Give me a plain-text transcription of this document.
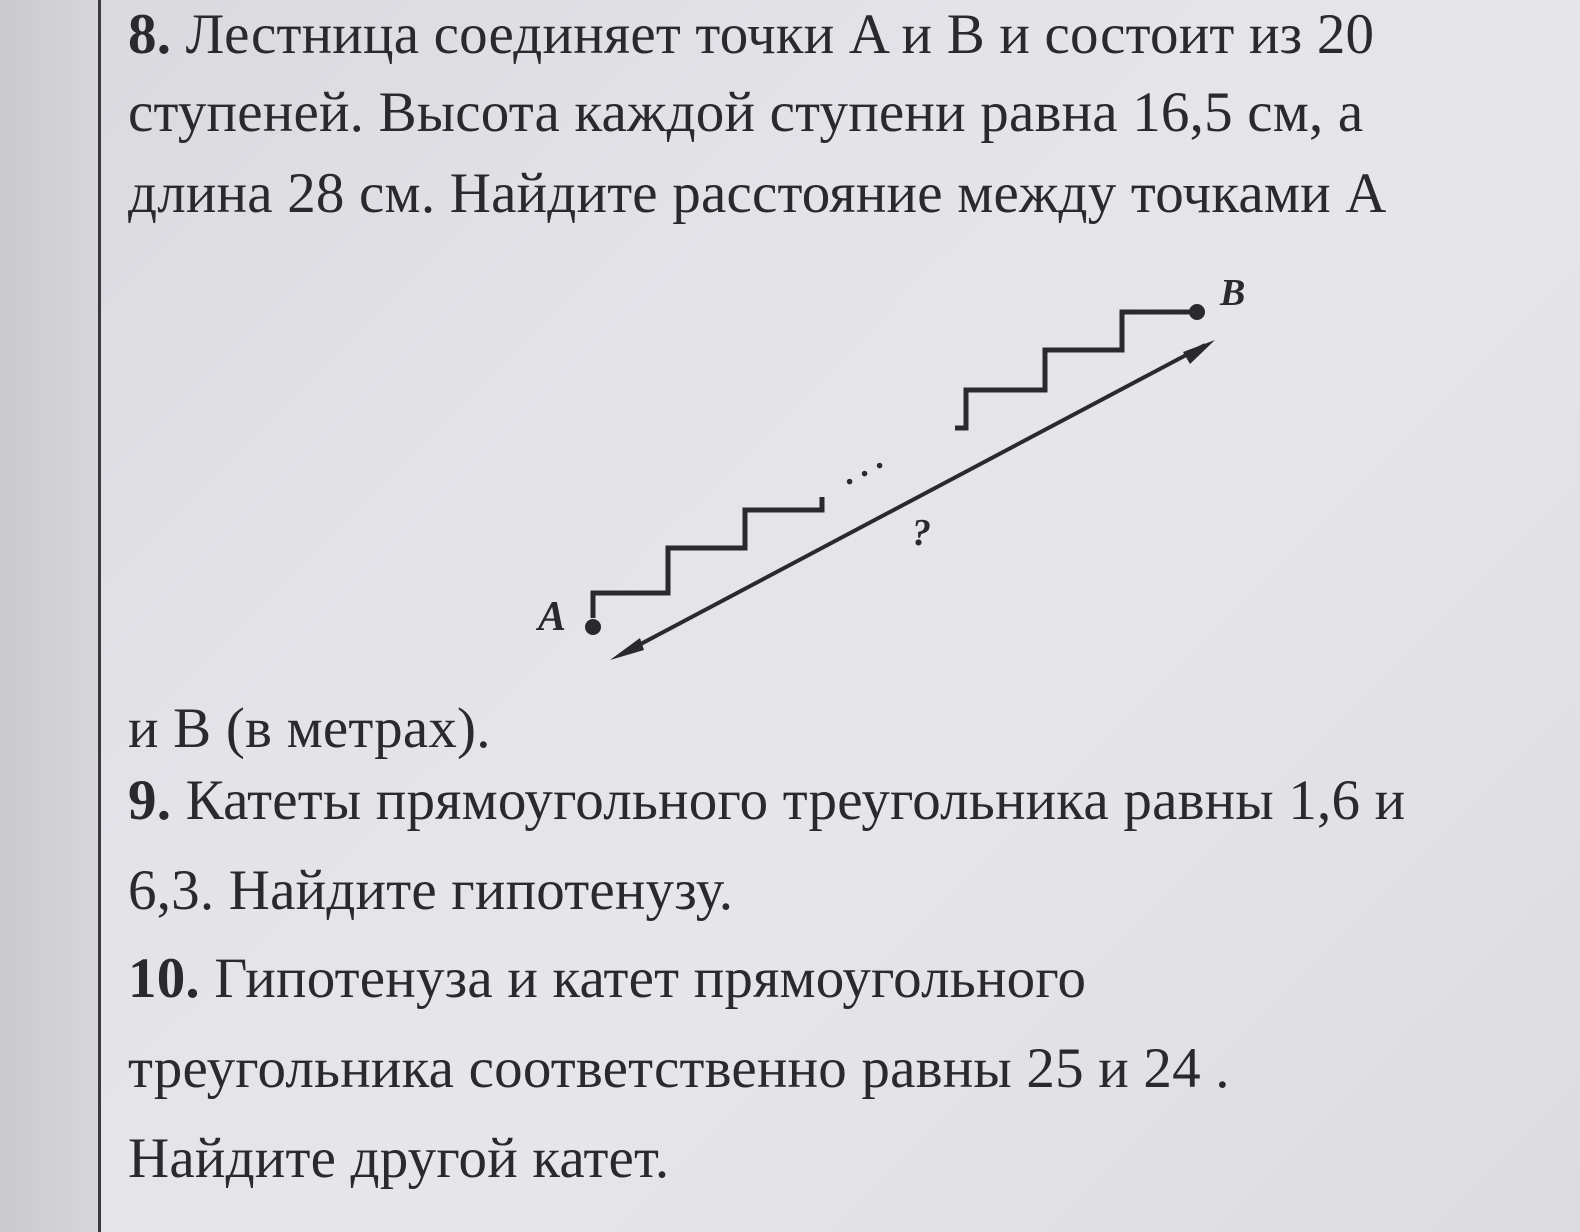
8. Лестница соединяет точки A и B и состоит из 20
ступеней. Высота каждой ступени равна 16,5 см, а
длина 28 см. Найдите расстояние между точками A
A
B
?
. . .
и B (в метрах).
9. Катеты прямоугольного треугольника равны 1,6 и
6,3. Найдите гипотенузу.
10. Гипотенуза и катет прямоугольного
треугольника соответственно равны 25 и 24 .
Найдите другой катет.
